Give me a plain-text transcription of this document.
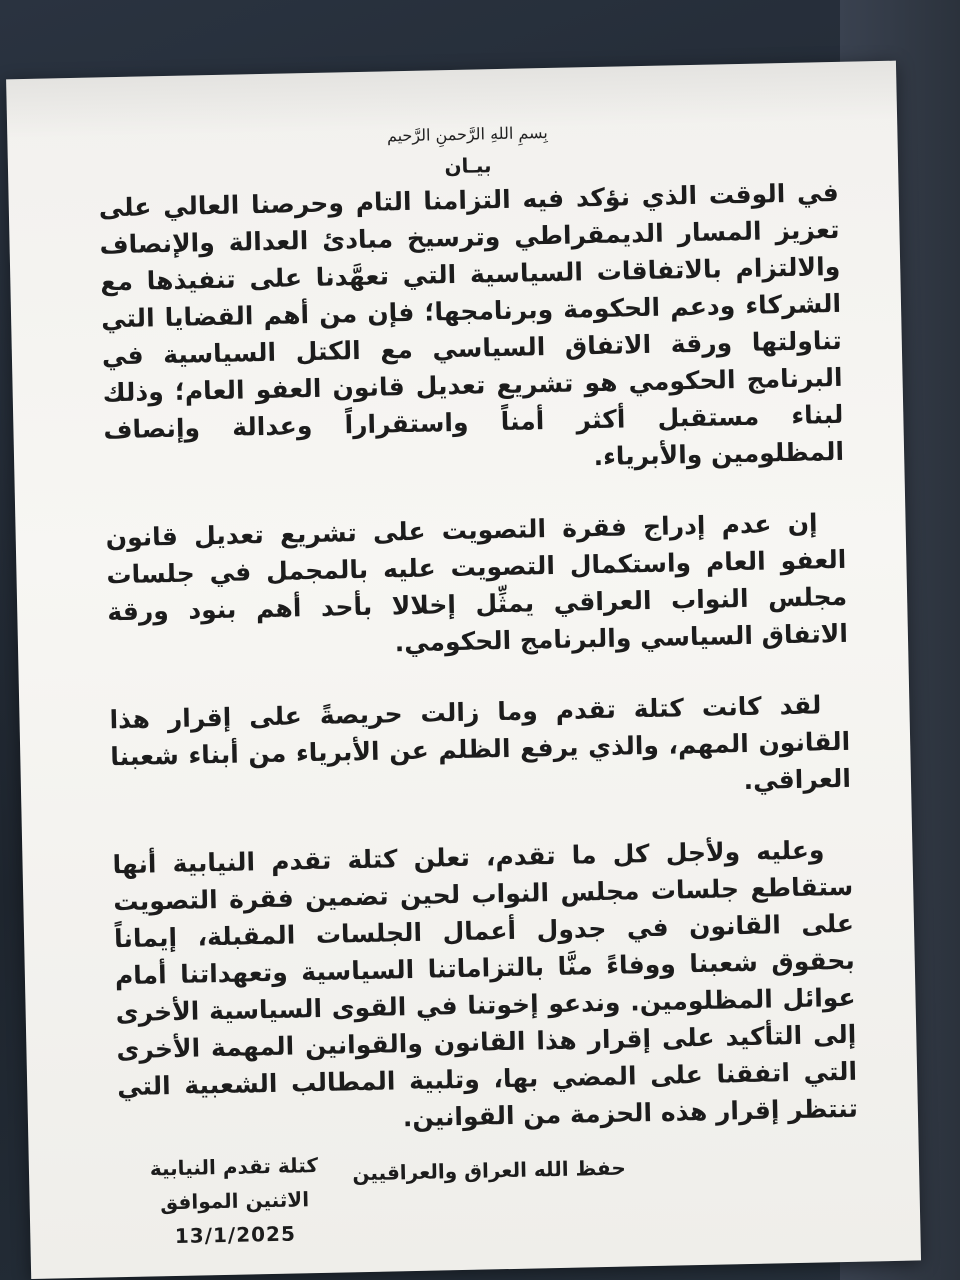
بِسمِ اللهِ الرَّحمنِ الرَّحيم

بيـان

في الوقت الذي نؤكد فيه التزامنا التام وحرصنا العالي على تعزيز المسار الديمقراطي وترسيخ مبادئ العدالة والإنصاف والالتزام بالاتفاقات السياسية التي تعهَّدنا على تنفيذها مع الشركاء ودعم الحكومة وبرنامجها؛ فإن من أهم القضايا التي تناولتها ورقة الاتفاق السياسي مع الكتل السياسية في البرنامج الحكومي هو تشريع تعديل قانون العفو العام؛ وذلك لبناء مستقبل أكثر أمناً واستقراراً وعدالة وإنصاف المظلومين والأبرياء.

إن عدم إدراج فقرة التصويت على تشريع تعديل قانون العفو العام واستكمال التصويت عليه بالمجمل في جلسات مجلس النواب العراقي يمثِّل إخلالا بأحد أهم بنود ورقة الاتفاق السياسي والبرنامج الحكومي.

لقد كانت كتلة تقدم وما زالت حريصةً على إقرار هذا القانون المهم، والذي يرفع الظلم عن الأبرياء من أبناء شعبنا العراقي.

وعليه ولأجل كل ما تقدم، تعلن كتلة تقدم النيابية أنها ستقاطع جلسات مجلس النواب لحين تضمين فقرة التصويت على القانون في جدول أعمال الجلسات المقبلة، إيماناً بحقوق شعبنا ووفاءً منَّا بالتزاماتنا السياسية وتعهداتنا أمام عوائل المظلومين. وندعو إخوتنا في القوى السياسية الأخرى إلى التأكيد على إقرار هذا القانون والقوانين المهمة الأخرى التي اتفقنا على المضي بها، وتلبية المطالب الشعبية التي تنتظر إقرار هذه الحزمة من القوانين.

حفظ الله العراق والعراقيين

كتلة تقدم النيابية
الاثنين الموافق
13/1/2025
